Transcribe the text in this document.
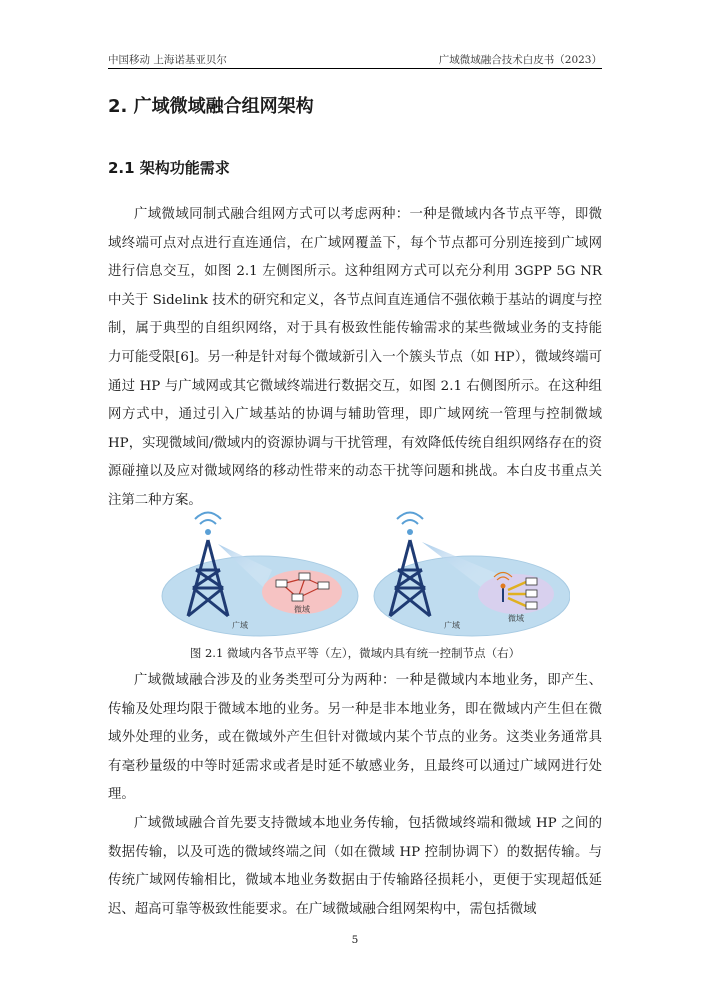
中国移动 上海诺基亚贝尔	广域微域融合技术白皮书（2023）
2. 广域微域融合组网架构
2.1 架构功能需求

广域微域同制式融合组网方式可以考虑两种：一种是微域内各节点平等，即微域终端可点对点进行直连通信，在广域网覆盖下，每个节点都可分别连接到广域网进行信息交互，如图 2.1 左侧图所示。这种组网方式可以充分利用 3GPP 5G NR 中关于 Sidelink 技术的研究和定义，各节点间直连通信不强依赖于基站的调度与控制，属于典型的自组织网络，对于具有极致性能传输需求的某些微域业务的支持能力可能受限[6]。另一种是针对每个微域新引入一个簇头节点（如 HP），微域终端可通过 HP 与广域网或其它微域终端进行数据交互，如图 2.1 右侧图所示。在这种组网方式中，通过引入广域基站的协调与辅助管理，即广域网统一管理与控制微域 HP，实现微域间/微域内的资源协调与干扰管理，有效降低传统自组织网络存在的资源碰撞以及应对微域网络的移动性带来的动态干扰等问题和挑战。本白皮书重点关注第二种方案。

微域
广域
微域
广域
图 2.1 微域内各节点平等（左），微域内具有统一控制节点（右）

广域微域融合涉及的业务类型可分为两种：一种是微域内本地业务，即产生、传输及处理均限于微域本地的业务。另一种是非本地业务，即在微域内产生但在微域外处理的业务，或在微域外产生但针对微域内某个节点的业务。这类业务通常具有毫秒量级的中等时延需求或者是时延不敏感业务，且最终可以通过广域网进行处理。

广域微域融合首先要支持微域本地业务传输，包括微域终端和微域 HP 之间的数据传输，以及可选的微域终端之间（如在微域 HP 控制协调下）的数据传输。与传统广域网传输相比，微域本地业务数据由于传输路径损耗小，更便于实现超低延迟、超高可靠等极致性能要求。在广域微域融合组网架构中，需包括微域

5
